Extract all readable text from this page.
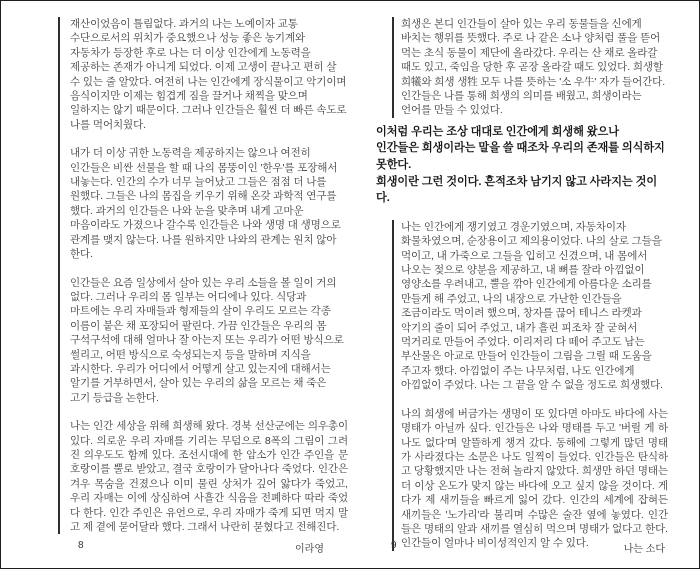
재산이었음이 틀림없다. 과거의 나는 노예이자 교통 수단으로서의 위치가 중요했으나 성능 좋은 농기계와 자동차가 등장한 후로 나는 더 이상 인간에게 노동력을 제공하는 존재가 아니게 되었다. 이제 고생이 끝나고 편히 살 수 있는 줄 알았다. 여전히 나는 인간에게 장식물이고 악기이며 음식이지만 이제는 힘겹게 짐을 끌거나 채찍을 맞으며 일하지는 않기 때문이다. 그러나 인간들은 훨씬 더 빠른 속도로 나를 먹어치웠다.

내가 더 이상 귀한 노동력을 제공하지는 않으나 여전히 인간들은 비싼 선물을 할 때 나의 몸뚱이인 '한우'를 포장해서 내놓는다. 인간의 수가 너무 늘어났고 그들은 점점 더 나를 원했다. 그들은 나의 몸집을 키우기 위해 온갖 과학적 연구를 했다. 과거의 인간들은 나와 눈을 맞추며 내게 고마운 마음이라도 가졌으나 갈수록 인간들은 나와 생명 대 생명으로 관계를 맺지 않는다. 나를 원하지만 나와의 관계는 원치 않아 한다.

인간들은 요즘 일상에서 살아 있는 우리 소들을 볼 일이 거의 없다. 그러나 우리의 몸 일부는 어디에나 있다. 식당과 마트에는 우리 자매들과 형제들의 살이 우리도 모르는 각종 이름이 붙은 채 포장되어 팔린다. 가끔 인간들은 우리의 몸 구석구석에 대해 얼마나 잘 아는지 또는 우리가 어떤 방식으로 썰리고, 어떤 방식으로 숙성되는지 등을 말하며 지식을 과시한다. 우리가 어디에서 어떻게 살고 있는지에 대해서는 알기를 거부하면서, 살아 있는 우리의 삶을 모르는 채 죽은 고기 등급을 논한다.

나는 인간 세상을 위해 희생해 왔다. 경북 선산군에는 의우총이 있다. 의로운 우리 자매를 기리는 무덤으로 8폭의 그림이 그려진 의우도도 함께 있다. 조선시대에 한 암소가 인간 주인을 문 호랑이를 뿔로 받았고, 결국 호랑이가 달아나다 죽었다. 인간은 겨우 목숨을 건졌으나 이미 물린 상처가 깊어 앓다가 죽었고, 우리 자매는 이에 상심하여 사흘간 식음을 전폐하다 따라 죽었다 한다. 인간 주인은 유언으로, 우리 자매가 죽게 되면 먹지 말고 제 곁에 묻어달라 했다. 그래서 나란히 묻혔다고 전해진다.

8	이라영

희생은 본디 인간들이 살아 있는 우리 동물들을 신에게 바치는 행위를 뜻했다. 주로 나 같은 소나 양처럼 풀을 뜯어 먹는 초식 동물이 제단에 올라갔다. 우리는 산 채로 올라갈 때도 있고, 죽임을 당한 후 곧장 올라갈 때도 있었다. 희생할 희犧와 희생 생牲 모두 나를 뜻하는 '소 우牛' 자가 들어간다. 인간들은 나를 통해 희생의 의미를 배웠고, 희생이라는 언어를 만들 수 있었다.

이처럼 우리는 조상 대대로 인간에게 희생해 왔으나
인간들은 희생이라는 말을 쓸 때조차 우리의 존재를 의식하지 못한다.
희생이란 그런 것이다. 흔적조차 남기지 않고 사라지는 것이다.

나는 인간에게 쟁기였고 경운기였으며, 자동차이자 화물차였으며, 순장용이고 제의용이었다. 나의 살로 그들을 먹이고, 내 가죽으로 그들을 입히고 신겼으며, 내 몸에서 나오는 젖으로 양분을 제공하고, 내 뼈를 잘라 아낌없이 영양소를 우려내고, 뿔을 깎아 인간에게 아름다운 소리를 만들게 해 주었고, 나의 내장으로 가난한 인간들을 조금이라도 먹이려 했으며, 창자를 끊어 테니스 라켓과 악기의 줄이 되어 주었고, 내가 흘린 피조차 잘 굳혀서 먹거리로 만들어 주었다. 이리저리 다 떼어 주고도 남는 부산물은 아교로 만들어 인간들이 그림을 그릴 때 도움을 주고자 했다. 아낌없이 주는 나무처럼, 나도 인간에게 아낌없이 주었다. 나는 그 끝을 알 수 없을 정도로 희생했다.

나의 희생에 버금가는 생명이 또 있다면 아마도 바다에 사는 명태가 아닐까 싶다. 인간들은 나와 명태를 두고 '버릴 게 하나도 없다'며 알뜰하게 챙겨 갔다. 동해에 그렇게 많던 명태가 사라졌다는 소문은 나도 일찍이 들었다. 인간들은 탄식하고 당황했지만 나는 전혀 놀라지 않았다. 희생만 하던 명태는 더 이상 온도가 맞지 않는 바다에 오고 싶지 않을 것이다. 게다가 제 새끼들을 빠르게 잃어 갔다. 인간의 세계에 잡혀든 새끼들은 '노가리'라 불리며 수많은 술잔 옆에 놓였다. 인간들은 명태의 알과 새끼를 열심히 먹으며 명태가 없다고 한다. 인간들이 얼마나 비이성적인지 알 수 있다.

9	나는 소다
